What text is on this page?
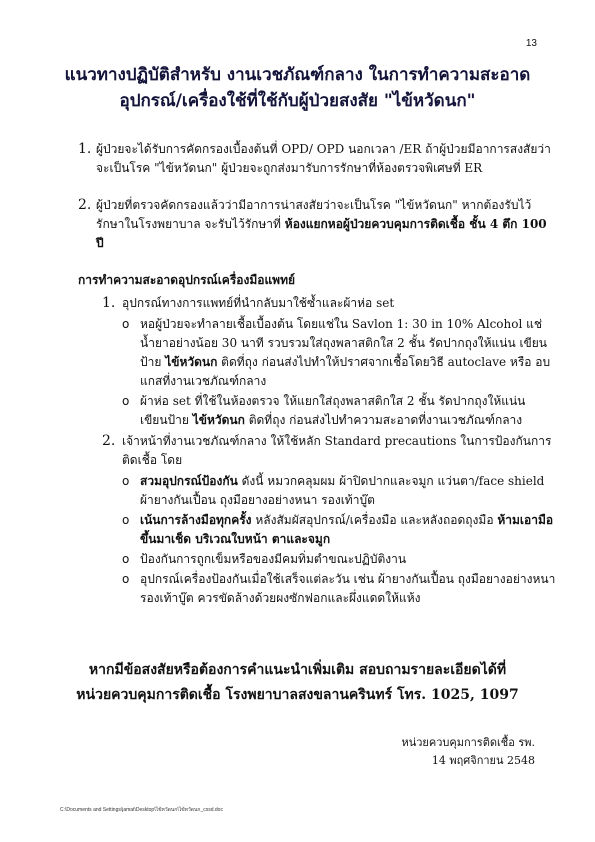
13
แนวทางปฏิบัติสำหรับ งานเวชภัณฑ์กลาง ในการทำความสะอาด
อุปกรณ์/เครื่องใช้ที่ใช้กับผู้ป่วยสงสัย "ไข้หวัดนก"
1. ผู้ป่วยจะได้รับการคัดกรองเบื้องต้นที่ OPD/ OPD นอกเวลา /ER ถ้าผู้ป่วยมีอาการสงสัยว่าจะเป็นโรค "ไข้หวัดนก" ผู้ป่วยจะถูกส่งมารับการรักษาที่ห้องตรวจพิเศษที่ ER
2. ผู้ป่วยที่ตรวจคัดกรองแล้วว่ามีอาการน่าสงสัยว่าจะเป็นโรค "ไข้หวัดนก" หากต้องรับไว้รักษาในโรงพยาบาล จะรับไว้รักษาที่ ห้องแยกหอผู้ป่วยควบคุมการติดเชื้อ ชั้น 4 ตึก 100 ปี
การทำความสะอาดอุปกรณ์เครื่องมือแพทย์
1. อุปกรณ์ทางการแพทย์ที่นำกลับมาใช้ซ้ำและผ้าห่อ set
o หอผู้ป่วยจะทำลายเชื้อเบื้องต้น โดยแช่ใน Savlon 1: 30 in 10% Alcohol แช่น้ำยาอย่างน้อย 30 นาที รวบรวมใส่ถุงพลาสติกใส 2 ชั้น รัดปากถุงให้แน่น เขียนป้าย ไข้หวัดนก ติดที่ถุง ก่อนส่งไปทำให้ปราศจากเชื้อโดยวิธี autoclave หรือ อบแกสที่งานเวชภัณฑ์กลาง
o ผ้าห่อ set ที่ใช้ในห้องตรวจ ให้แยกใส่ถุงพลาสติกใส 2 ชั้น รัดปากถุงให้แน่น เขียนป้าย ไข้หวัดนก ติดที่ถุง ก่อนส่งไปทำความสะอาดที่งานเวชภัณฑ์กลาง
2. เจ้าหน้าที่งานเวชภัณฑ์กลาง ให้ใช้หลัก Standard precautions ในการป้องกันการติดเชื้อ โดย
o สวมอุปกรณ์ป้องกัน ดังนี้ หมวกคลุมผม ผ้าปิดปากและจมูก แว่นตา/face shield ผ้ายางกันเปื้อน ถุงมือยางอย่างหนา รองเท้าบู๊ต
o เน้นการล้างมือทุกครั้ง หลังสัมผัสอุปกรณ์/เครื่องมือ และหลังถอดถุงมือ ห้ามเอามือขึ้นมาเช็ด บริเวณใบหน้า ตาและจมูก
o ป้องกันการถูกเข็มหรือของมีคมทิ่มตำขณะปฏิบัติงาน
o อุปกรณ์เครื่องป้องกันเมื่อใช้เสร็จแต่ละวัน เช่น ผ้ายางกันเปื้อน ถุงมือยางอย่างหนา รองเท้าบู๊ต ควรขัดล้างด้วยผงซักฟอกและผึ่งแดดให้แห้ง
หากมีข้อสงสัยหรือต้องการคำแนะนำเพิ่มเติม สอบถามรายละเอียดได้ที่
หน่วยควบคุมการติดเชื้อ โรงพยาบาลสงขลานครินทร์ โทร. 1025, 1097
หน่วยควบคุมการติดเชื้อ รพ.
14 พฤศจิกายน 2548
C:\Documents and Settings\jamat\Desktop\ไข้หวัดนก\ไข้หวัดนก_cssd.doc
